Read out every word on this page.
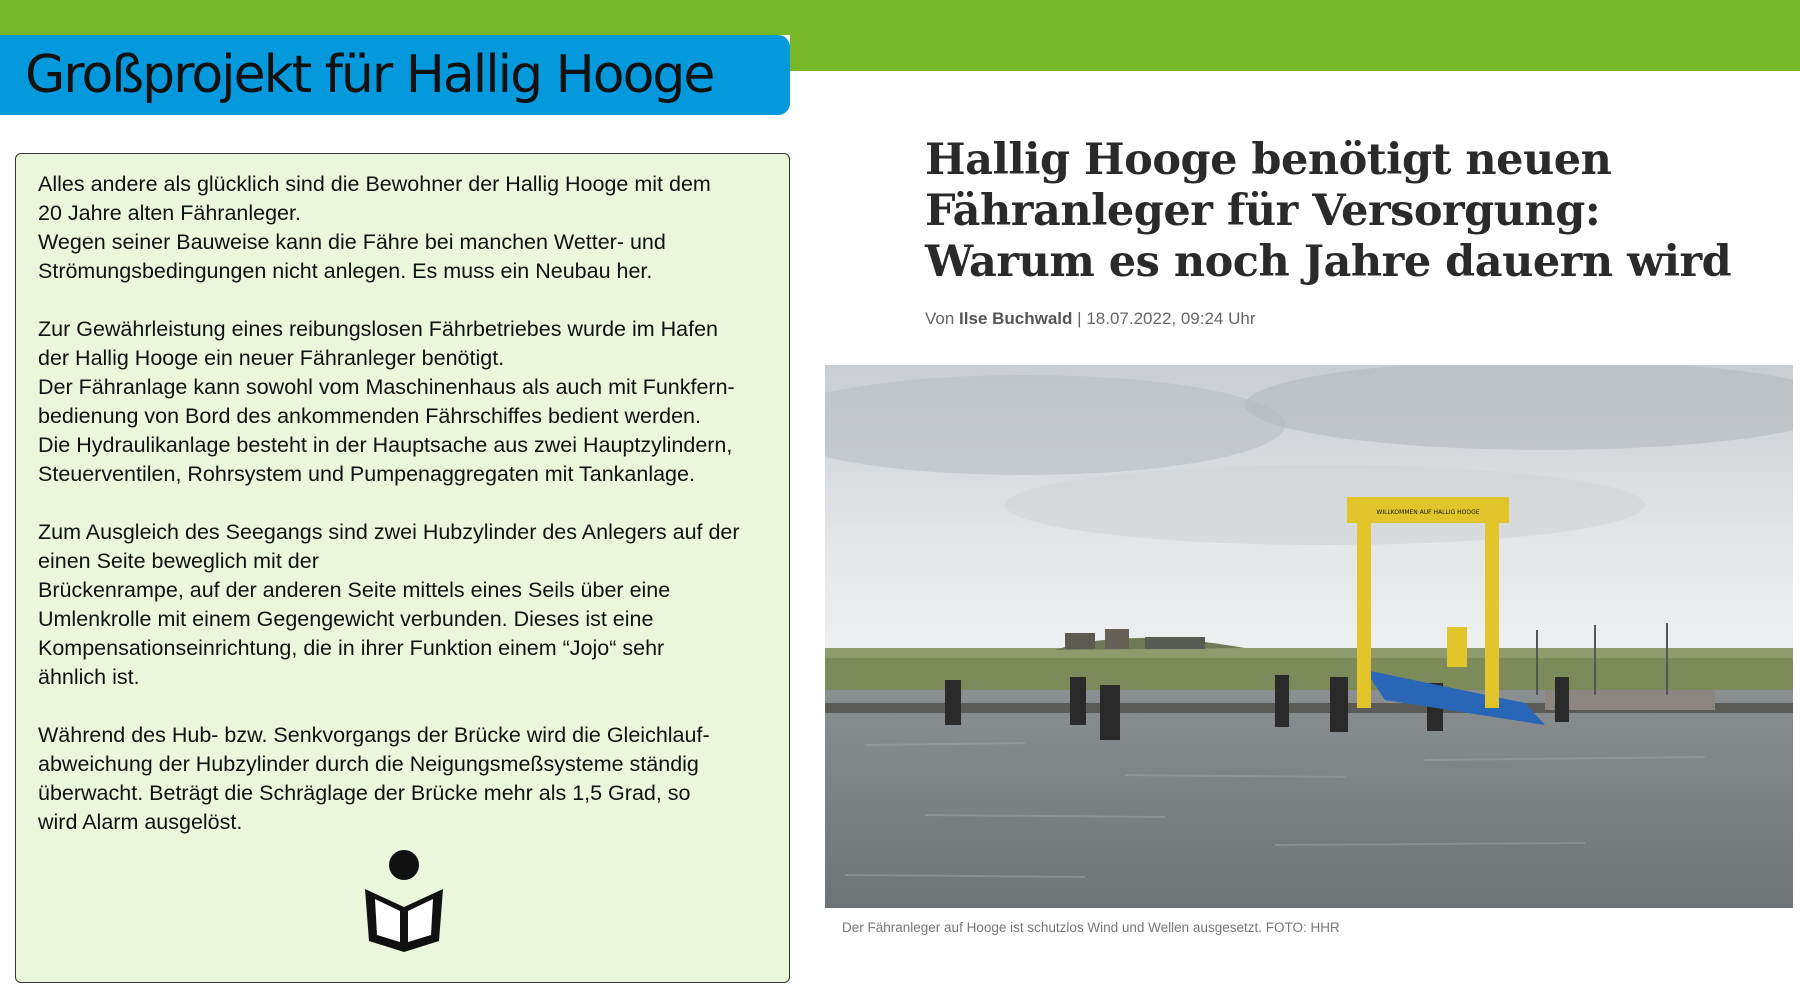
Großprojekt für Hallig Hooge

Alles andere als glücklich sind die Bewohner der Hallig Hooge mit dem
20 Jahre alten Fähranleger.
Wegen seiner Bauweise kann die Fähre bei manchen Wetter- und
Strömungsbedingungen nicht anlegen. Es muss ein Neubau her.

Zur Gewährleistung eines reibungslosen Fährbetriebes wurde im Hafen
der Hallig Hooge ein neuer Fähranleger benötigt.
Der Fähranlage kann sowohl vom Maschinenhaus als auch mit Funkfern-
bedienung von Bord des ankommenden Fährschiffes bedient werden.
Die Hydraulikanlage besteht in der Hauptsache aus zwei Hauptzylindern,
Steuerventilen, Rohrsystem und Pumpenaggregaten mit Tankanlage.

Zum Ausgleich des Seegangs sind zwei Hubzylinder des Anlegers auf der
einen Seite beweglich mit der
Brückenrampe, auf der anderen Seite mittels eines Seils über eine
Umlenkrolle mit einem Gegengewicht verbunden. Dieses ist eine
Kompensationseinrichtung, die in ihrer Funktion einem “Jojo“ sehr
ähnlich ist.

Während des Hub- bzw. Senkvorgangs der Brücke wird die Gleichlauf-
abweichung der Hubzylinder durch die Neigungsmeßsysteme ständig
überwacht. Beträgt die Schräglage der Brücke mehr als 1,5 Grad, so
wird Alarm ausgelöst.

Hallig Hooge benötigt neuen
Fähranleger für Versorgung:
Warum es noch Jahre dauern wird
Von Ilse Buchwald | 18.07.2022, 09:24 Uhr
WILLKOMMEN AUF HALLIG HOOGE
Der Fähranleger auf Hooge ist schutzlos Wind und Wellen ausgesetzt. FOTO: HHR
